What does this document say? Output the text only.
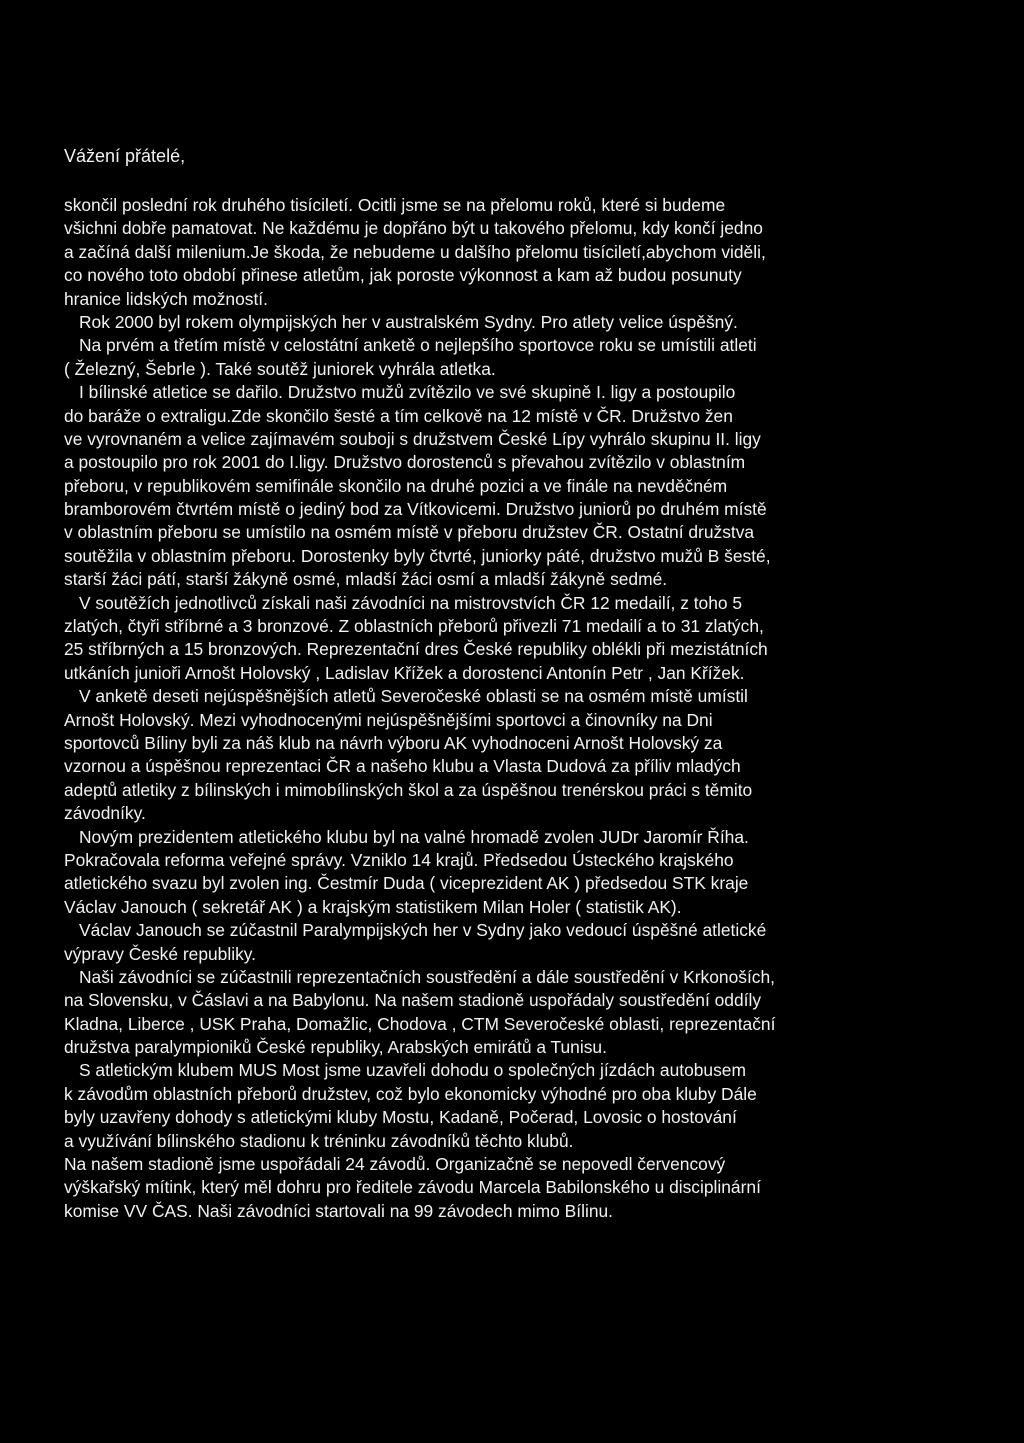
Vážení přátelé,
skončil poslední rok druhého tisíciletí. Ocitli jsme se na přelomu roků, které si budeme
všichni dobře pamatovat. Ne každému je dopřáno být u takového přelomu, kdy končí jedno
a začíná další milenium.Je škoda, že nebudeme u dalšího přelomu tisíciletí,abychom viděli,
co nového toto období přinese atletům, jak poroste výkonnost a kam až budou posunuty
hranice lidských možností.
Rok 2000 byl rokem olympijských her v australském Sydny. Pro atlety velice úspěšný.
Na prvém a třetím místě v celostátní anketě o nejlepšího sportovce roku se umístili atleti
( Železný, Šebrle ). Také soutěž juniorek vyhrála atletka.
I bílinské atletice se dařilo. Družstvo mužů zvítězilo ve své skupině I. ligy a postoupilo
do baráže o extraligu.Zde skončilo šesté a tím celkově na 12 místě v ČR. Družstvo žen
ve vyrovnaném a velice zajímavém souboji s družstvem České Lípy vyhrálo skupinu II. ligy
a postoupilo pro rok 2001 do I.ligy. Družstvo dorostenců s převahou zvítězilo v oblastním
přeboru, v republikovém semifinále skončilo na druhé pozici a ve finále na nevděčném
bramborovém čtvrtém místě o jediný bod za Vítkovicemi. Družstvo juniorů po druhém místě
v oblastním přeboru se umístilo na osmém místě v přeboru družstev ČR. Ostatní družstva
soutěžila v oblastním přeboru. Dorostenky byly čtvrté, juniorky páté, družstvo mužů B šesté,
starší žáci pátí, starší žákyně osmé, mladší žáci osmí a mladší žákyně sedmé.
V soutěžích jednotlivců získali naši závodníci na mistrovstvích ČR 12 medailí, z toho 5
zlatých, čtyři stříbrné a 3 bronzové. Z oblastních přeborů přivezli 71 medailí a to 31 zlatých,
25 stříbrných a 15 bronzových. Reprezentační dres České republiky oblékli při mezistátních
utkáních junioři Arnošt Holovský , Ladislav Křížek a dorostenci Antonín Petr , Jan Křížek.
V anketě deseti nejúspěšnějších atletů Severočeské oblasti se na osmém místě umístil
Arnošt Holovský. Mezi vyhodnocenými nejúspěšnějšími sportovci a činovníky na Dni
sportovců Bíliny byli za náš klub na návrh výboru AK vyhodnoceni Arnošt Holovský za
vzornou a úspěšnou reprezentaci ČR a našeho klubu a Vlasta Dudová za příliv mladých
adeptů atletiky z bílinských i mimobílinských škol a za úspěšnou trenérskou práci s těmito
závodníky.
Novým prezidentem atletického klubu byl na valné hromadě zvolen JUDr Jaromír Říha.
Pokračovala reforma veřejné správy. Vzniklo 14 krajů. Předsedou Ústeckého krajského
atletického svazu byl zvolen ing. Čestmír Duda ( viceprezident AK ) předsedou STK kraje
Václav Janouch ( sekretář AK ) a krajským statistikem Milan Holer ( statistik AK).
Václav Janouch se zúčastnil Paralympijských her v Sydny jako vedoucí úspěšné atletické
výpravy České republiky.
Naši závodníci se zúčastnili reprezentačních soustředění a dále soustředění v Krkonoších,
na Slovensku, v Čáslavi a na Babylonu. Na našem stadioně uspořádaly soustředění oddíly
Kladna, Liberce , USK Praha, Domažlic, Chodova , CTM Severočeské oblasti, reprezentační
družstva paralympioniků České republiky, Arabských emirátů a Tunisu.
S atletickým klubem MUS Most jsme uzavřeli dohodu o společných jízdách autobusem
k závodům oblastních přeborů družstev, což bylo ekonomicky výhodné pro oba kluby Dále
byly uzavřeny dohody s atletickými kluby Mostu, Kadaně, Počerad, Lovosic o hostování
a využívání bílinského stadionu k tréninku závodníků těchto klubů.
Na našem stadioně jsme uspořádali 24 závodů. Organizačně se nepovedl červencový
výškařský mítink, který měl dohru pro ředitele závodu Marcela Babilonského u disciplinární
komise VV ČAS. Naši závodníci startovali na 99 závodech mimo Bílinu.
